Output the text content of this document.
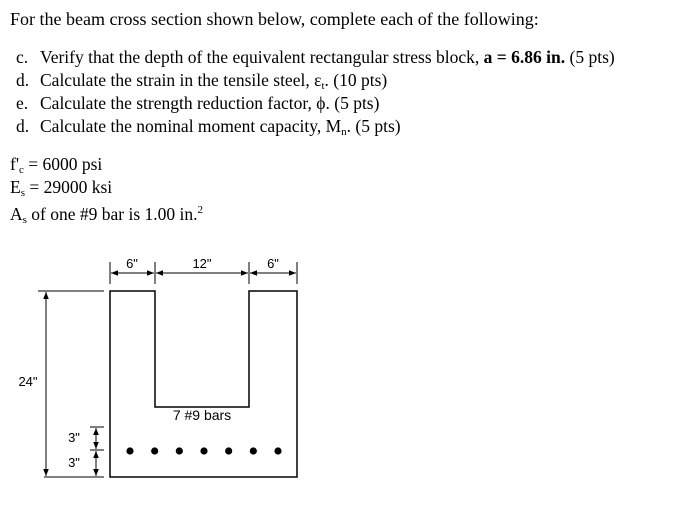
For the beam cross section shown below, complete each of the following:
c. Verify that the depth of the equivalent rectangular stress block, a = 6.86 in. (5 pts)
d. Calculate the strain in the tensile steel, $\varepsilon_t$. (10 pts)
e. Calculate the strength reduction factor, ϕ. (5 pts)
d. Calculate the nominal moment capacity, $M_n$. (5 pts)
$f'_c = 6000$ psi
$E_s = 29000$ ksi
$A_s$ of one #9 bar is 1.00 in.$^2$
6"	12"	6"
24"
3"
3"
7 #9 bars
